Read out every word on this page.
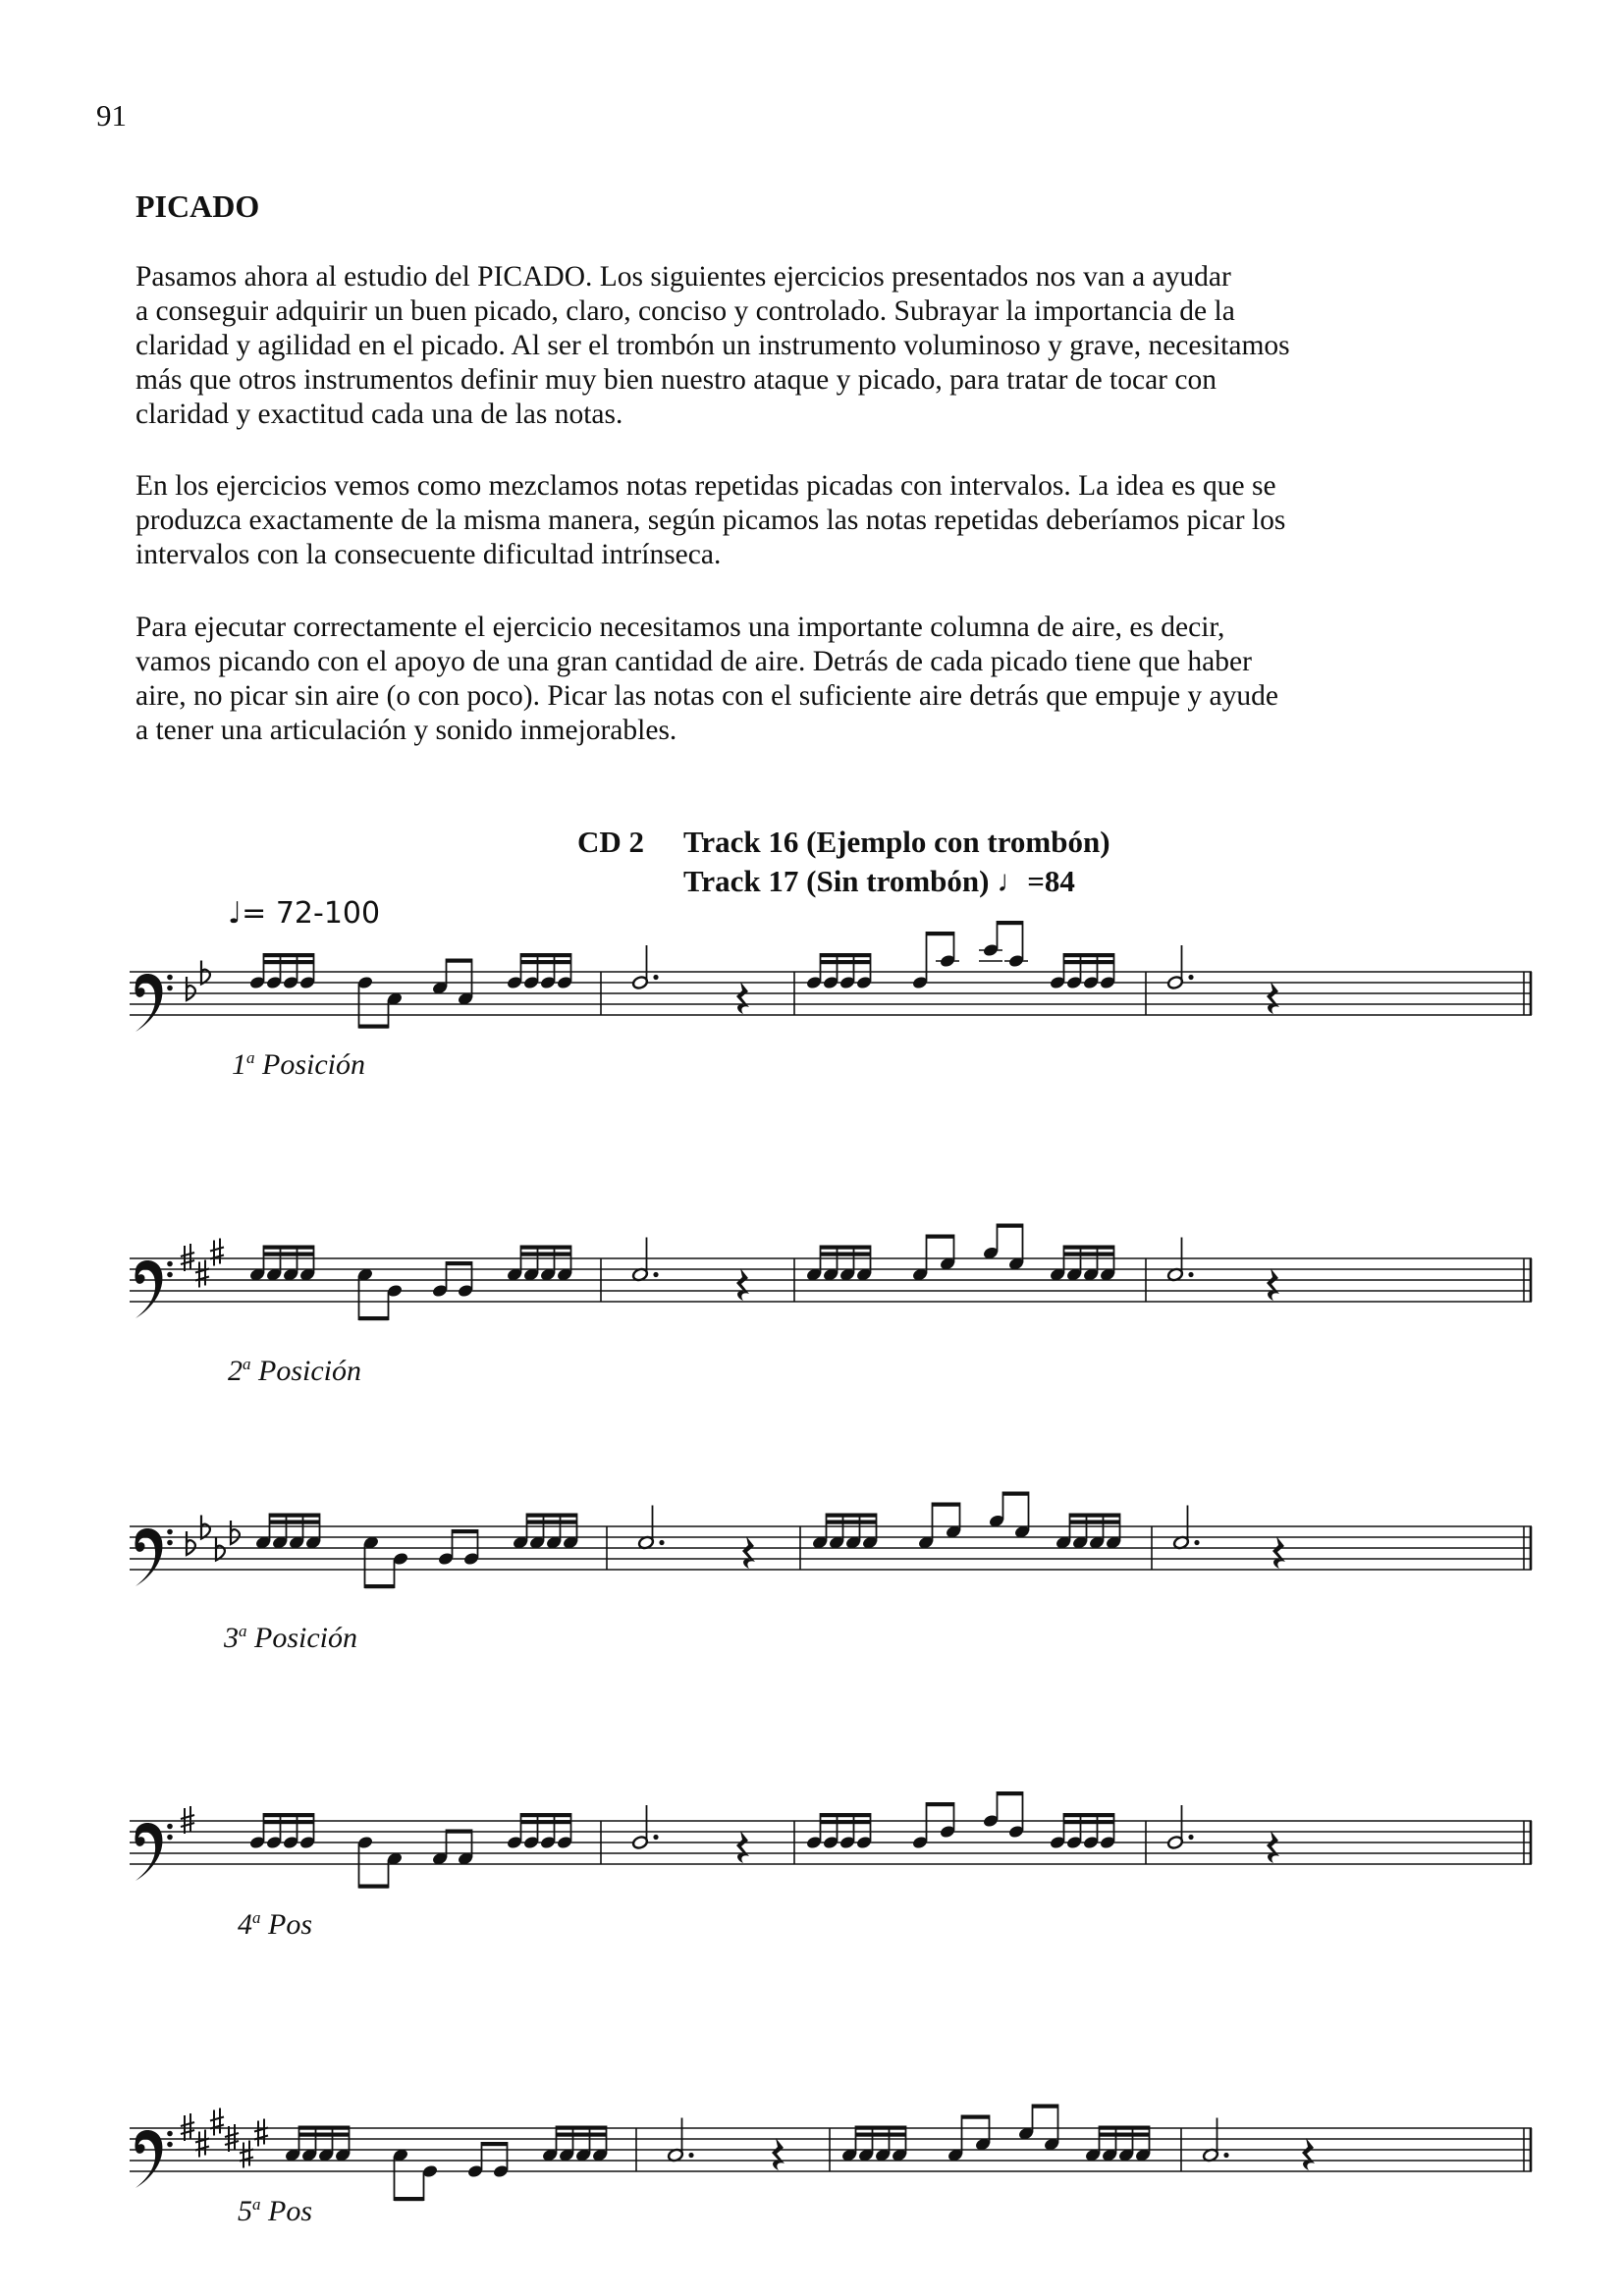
91
PICADO

Pasamos ahora al estudio del PICADO. Los siguientes ejercicios presentados nos van a ayudar
a conseguir adquirir un buen picado, claro, conciso y controlado. Subrayar la importancia de la
claridad y agilidad en el picado. Al ser el trombón un instrumento voluminoso y grave, necesitamos
más que otros instrumentos definir muy bien nuestro ataque y picado, para tratar de tocar con
claridad y exactitud cada una de las notas.

En los ejercicios vemos como mezclamos notas repetidas picadas con intervalos. La idea es que se
produzca exactamente de la misma manera, según picamos las notas repetidas deberíamos picar los
intervalos con la consecuente dificultad intrínseca.

Para ejecutar correctamente el ejercicio necesitamos una importante columna de aire, es decir,
vamos picando con el apoyo de una gran cantidad de aire. Detrás de cada picado tiene que haber
aire, no picar sin aire (o con poco). Picar las notas con el suficiente aire detrás que empuje y ayude
a tener una articulación y sonido inmejorables.

CD 2 Track 16 (Ejemplo con trombón)
Track 17 (Sin trombón) ♩=84
♩= 72-100
1$^a$ Posición
2$^a$ Posición
3$^a$ Posición
4$^a$ Pos
5$^a$ Pos
